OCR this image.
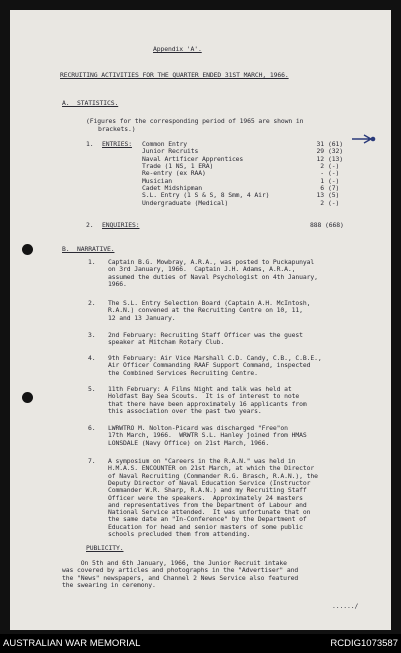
Appendix 'A'.
RECRUITING ACTIVITIES FOR THE QUARTER ENDED 31ST MARCH, 1966.
A.  STATISTICS.
(Figures for the corresponding period of 1965 are shown in
brackets.)
1. ENTRIES: Common Entry	31 (61)
Junior Recruits	29 (32)
Naval Artificer Apprentices	12 (13)
Trade (1 NS, 1 ERA)	2 (-)
Re-entry (ex RAA)	- (-)
Musician	1 (-)
Cadet Midshipman	6 (7)
S.L. Entry (1 S & S, 8 Smm, 4 Air)	13 (5)
Undergraduate (Medical)	2 (-)
2. ENQUIRIES:	888 (668)
B.  NARRATIVE.
1. Captain B.G. Mowbray, A.R.A., was posted to Puckapunyal
on 3rd January, 1966.  Captain J.H. Adams, A.R.A.,
assumed the duties of Naval Psychologist on 4th January,
1966.
2. The S.L. Entry Selection Board (Captain A.H. McIntosh,
R.A.N.) convened at the Recruiting Centre on 10, 11,
12 and 13 January.
3. 2nd February: Recruiting Staff Officer was the guest
speaker at Mitcham Rotary Club.
4. 9th February: Air Vice Marshall C.D. Candy, C.B., C.B.E.,
Air Officer Commanding RAAF Support Command, inspected
the Combined Services Recruiting Centre.
5. 11th February: A Films Night and talk was held at
Holdfast Bay Sea Scouts.  It is of interest to note
that there have been approximately 16 applicants from
this association over the past two years.
6. LWRWTRO M. Nolton-Picard was discharged "Free"on
17th March, 1966.  WRWTR S.L. Hanley joined from HMAS
LONSDALE (Navy Office) on 21st March, 1966.
7. A symposium on "Careers in the R.A.N." was held in
H.M.A.S. ENCOUNTER on 21st March, at which the Director
of Naval Recruiting (Commander R.G. Brasch, R.A.N.), the
Deputy Director of Naval Education Service (Instructor
Commander W.R. Sharp, R.A.N.) and my Recruiting Staff
Officer were the speakers.  Approximately 24 masters
and representatives from the Department of Labour and
National Service attended.  It was unfortunate that on
the same date an "In-Conference" by the Department of
Education for head and senior masters of some public
schools precluded them from attending.
PUBLICITY.
On 5th and 6th January, 1966, the Junior Recruit intake
was covered by articles and photographs in the "Advertiser" and
the "News" newspapers, and Channel 2 News Service also featured
the swearing in ceremony.
....../
AUSTRALIAN WAR MEMORIAL	RCDIG1073587
